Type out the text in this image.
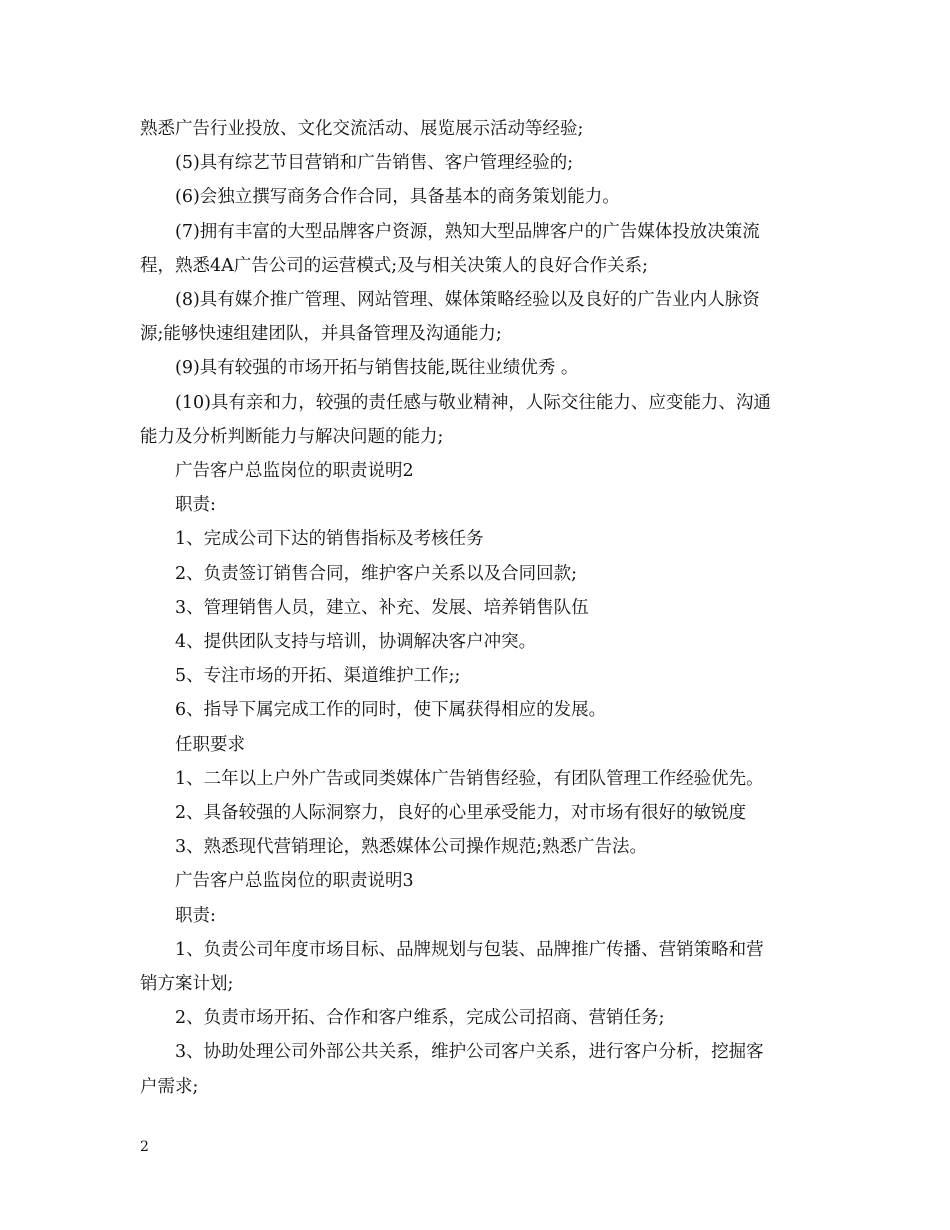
熟悉广告行业投放、文化交流活动、展览展示活动等经验;

(5)具有综艺节目营销和广告销售、客户管理经验的;

(6)会独立撰写商务合作合同，具备基本的商务策划能力。

(7)拥有丰富的大型品牌客户资源，熟知大型品牌客户的广告媒体投放决策流

程，熟悉4A广告公司的运营模式;及与相关决策人的良好合作关系;

(8)具有媒介推广管理、网站管理、媒体策略经验以及良好的广告业内人脉资

源;能够快速组建团队，并具备管理及沟通能力;

(9)具有较强的市场开拓与销售技能,既往业绩优秀 。

(10)具有亲和力，较强的责任感与敬业精神，人际交往能力、应变能力、沟通

能力及分析判断能力与解决问题的能力;

广告客户总监岗位的职责说明2

职责:

1、完成公司下达的销售指标及考核任务

2、负责签订销售合同，维护客户关系以及合同回款;

3、管理销售人员，建立、补充、发展、培养销售队伍

4、提供团队支持与培训，协调解决客户冲突。

5、专注市场的开拓、渠道维护工作;;

6、指导下属完成工作的同时，使下属获得相应的发展。

任职要求

1、二年以上户外广告或同类媒体广告销售经验，有团队管理工作经验优先。

2、具备较强的人际洞察力，良好的心里承受能力，对市场有很好的敏锐度

3、熟悉现代营销理论，熟悉媒体公司操作规范;熟悉广告法。

广告客户总监岗位的职责说明3

职责:

1、负责公司年度市场目标、品牌规划与包装、品牌推广传播、营销策略和营

销方案计划;

2、负责市场开拓、合作和客户维系，完成公司招商、营销任务;

3、协助处理公司外部公共关系，维护公司客户关系，进行客户分析，挖掘客

户需求;

2
